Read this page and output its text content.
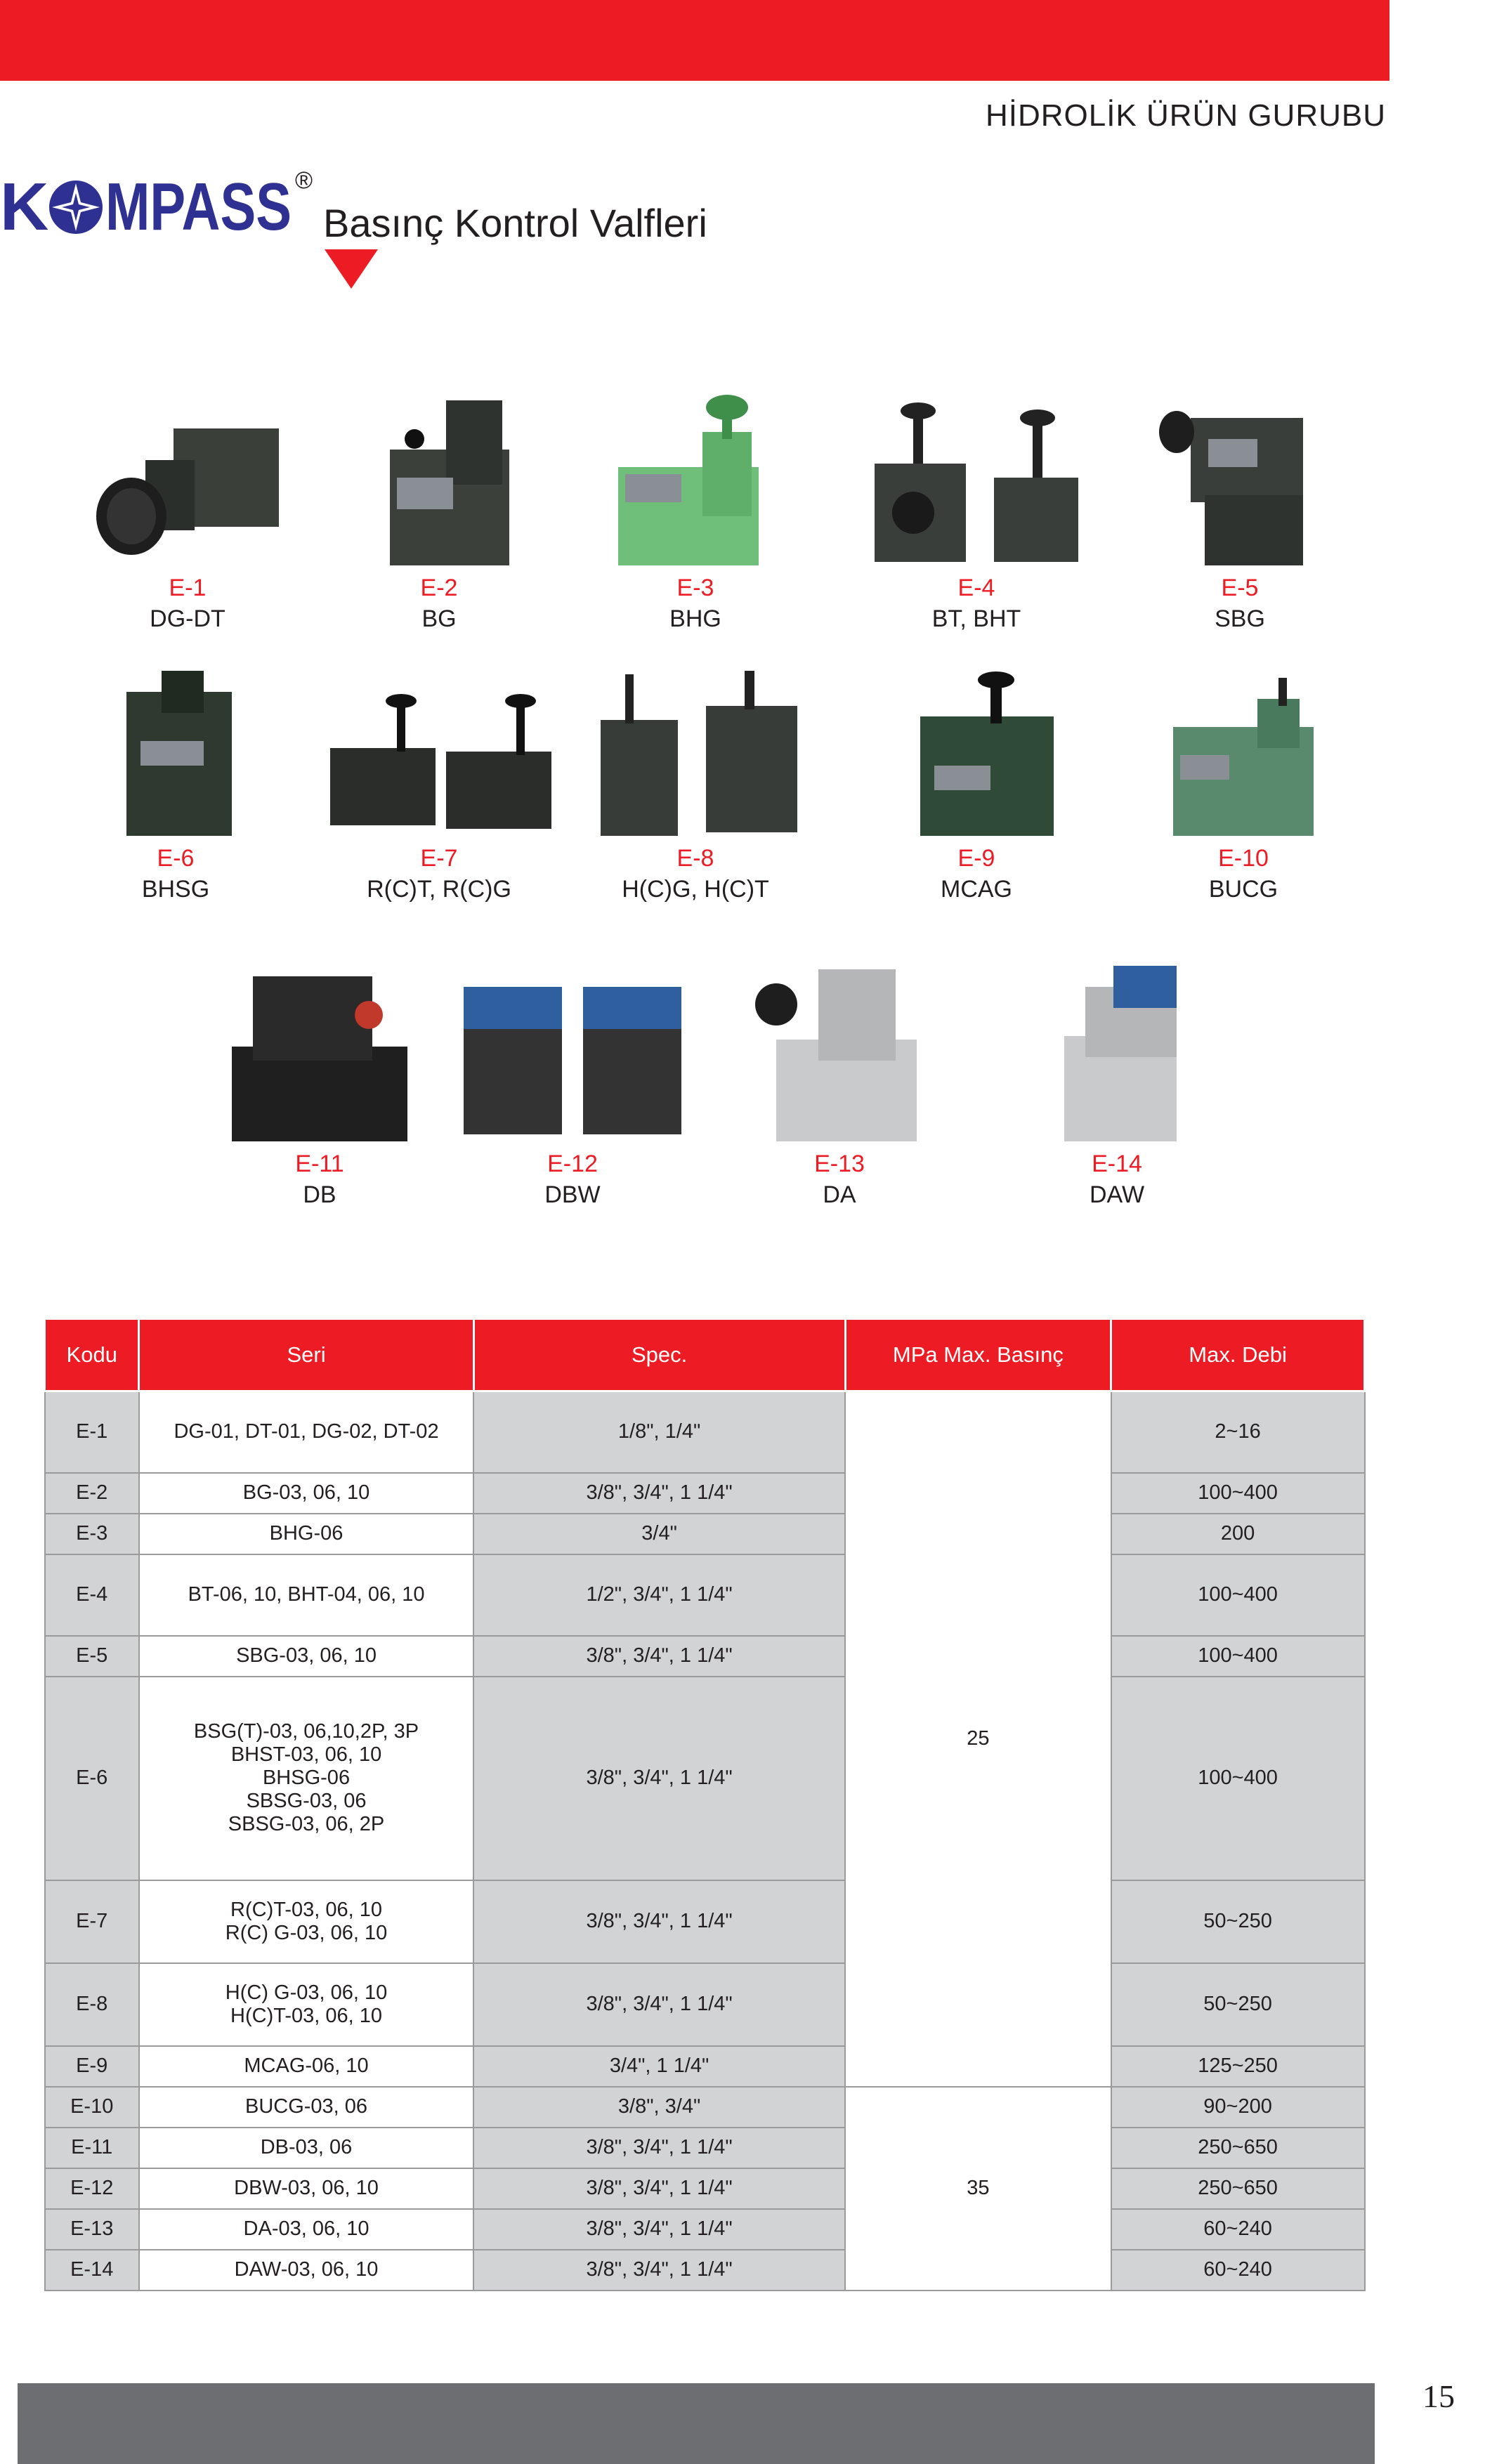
HİDROLİK ÜRÜN GURUBU
K MPASS ®
Basınç Kontrol Valfleri
E-1
DG-DT
E-2
BG
E-3
BHG
E-4
BT, BHT
E-5
SBG
E-6
BHSG
E-7
R(C)T, R(C)G
E-8
H(C)G, H(C)T
E-9
MCAG
E-10
BUCG
E-11
DB
E-12
DBW
E-13
DA
E-14
DAW
Kodu	Seri	Spec.	MPa Max. Basınç	Max. Debi
E-1	DG-01, DT-01, DG-02, DT-02	1/8ʺ, 1/4ʺ	25	2~16
E-2	BG-03, 06, 10	3/8ʺ, 3/4ʺ, 1 1/4ʺ		100~400
E-3	BHG-06	3/4ʺ		200
E-4	BT-06, 10, BHT-04, 06, 10	1/2ʺ, 3/4ʺ, 1 1/4ʺ		100~400
E-5	SBG-03, 06, 10	3/8ʺ, 3/4ʺ, 1 1/4ʺ		100~400
E-6	BSG(T)-03, 06,10,2P, 3P
BHST-03, 06, 10
BHSG-06
SBSG-03, 06
SBSG-03, 06, 2P	3/8ʺ, 3/4ʺ, 1 1/4ʺ		100~400
E-7	R(C)T-03, 06, 10
R(C) G-03, 06, 10	3/8ʺ, 3/4ʺ, 1 1/4ʺ		50~250
E-8	H(C) G-03, 06, 10
H(C)T-03, 06, 10	3/8ʺ, 3/4ʺ, 1 1/4ʺ		50~250
E-9	MCAG-06, 10	3/4ʺ, 1 1/4ʺ		125~250
E-10	BUCG-03, 06	3/8ʺ, 3/4ʺ	35	90~200
E-11	DB-03, 06	3/8ʺ, 3/4ʺ, 1 1/4ʺ		250~650
E-12	DBW-03, 06, 10	3/8ʺ, 3/4ʺ, 1 1/4ʺ		250~650
E-13	DA-03, 06, 10	3/8ʺ, 3/4ʺ, 1 1/4ʺ		60~240
E-14	DAW-03, 06, 10	3/8ʺ, 3/4ʺ, 1 1/4ʺ		60~240
15
